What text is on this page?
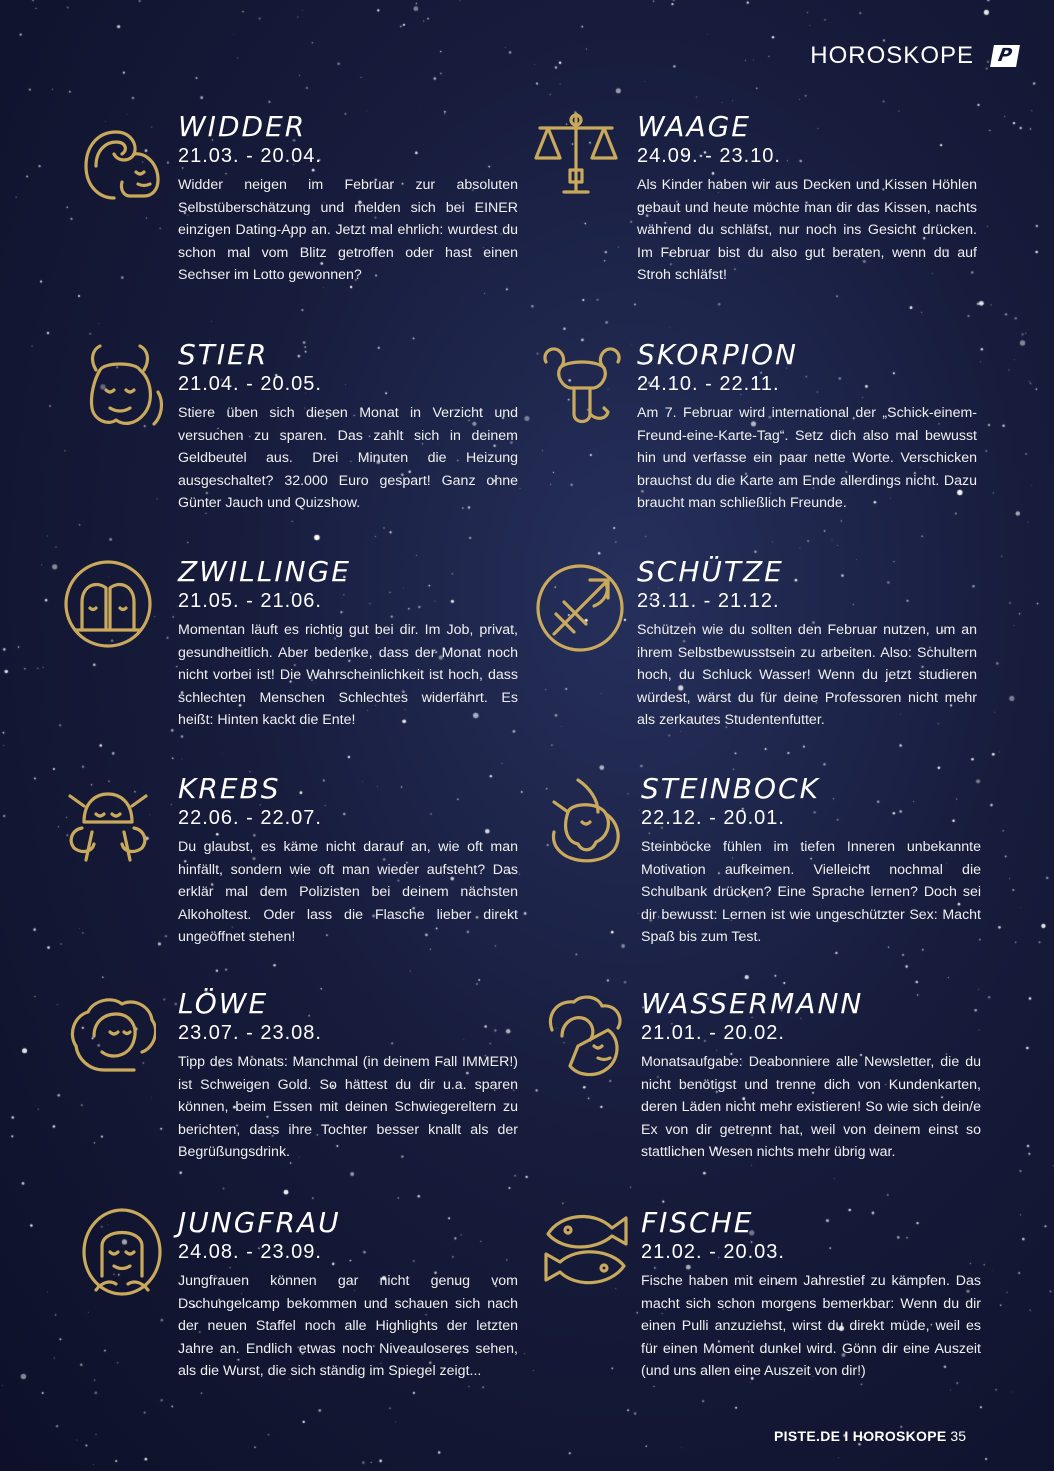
HOROSKOPE	P
WIDDER
21.03. - 20.04.
Widder neigen im Februar zur absoluten Selbstüberschätzung und melden sich bei EINER einzigen Dating-App an. Jetzt mal ehrlich: wurdest du schon mal vom Blitz getroffen oder hast einen Sechser im Lotto gewonnen?
STIER
21.04. - 20.05.
Stiere üben sich diesen Monat in Verzicht und versuchen zu sparen. Das zahlt sich in deinem Geldbeutel aus. Drei Minuten die Heizung ausgeschaltet? 32.000 Euro gespart! Ganz ohne Günter Jauch und Quizshow.
ZWILLINGE
21.05. - 21.06.
Momentan läuft es richtig gut bei dir. Im Job, privat, gesundheitlich. Aber bedenke, dass der Monat noch nicht vorbei ist! Die Wahrscheinlichkeit ist hoch, dass schlechten Menschen Schlechtes widerfährt. Es heißt: Hinten kackt die Ente!
KREBS
22.06. - 22.07.
Du glaubst, es käme nicht darauf an, wie oft man hinfällt, sondern wie oft man wieder aufsteht? Das erklär mal dem Polizisten bei deinem nächsten Alkoholtest. Oder lass die Flasche lieber direkt ungeöffnet stehen!
LÖWE
23.07. - 23.08.
Tipp des Monats: Manchmal (in deinem Fall IMMER!) ist Schweigen Gold. So hättest du dir u.a. sparen können, beim Essen mit deinen Schwiegereltern zu berichten, dass ihre Tochter besser knallt als der Begrüßungsdrink.
JUNGFRAU
24.08. - 23.09.
Jungfrauen können gar nicht genug vom Dschungelcamp bekommen und schauen sich nach der neuen Staffel noch alle Highlights der letzten Jahre an. Endlich etwas noch Niveauloseres sehen, als die Wurst, die sich ständig im Spiegel zeigt...
WAAGE
24.09. - 23.10.
Als Kinder haben wir aus Decken und Kissen Höhlen gebaut und heute möchte man dir das Kissen, nachts während du schläfst, nur noch ins Gesicht drücken. Im Februar bist du also gut beraten, wenn du auf Stroh schläfst!
SKORPION
24.10. - 22.11.
Am 7. Februar wird international der „Schick-einem-Freund-eine-Karte-Tag“. Setz dich also mal bewusst hin und verfasse ein paar nette Worte. Verschicken brauchst du die Karte am Ende allerdings nicht. Dazu braucht man schließlich Freunde.
SCHÜTZE
23.11. - 21.12.
Schützen wie du sollten den Februar nutzen, um an ihrem Selbstbewusstsein zu arbeiten. Also: Schultern hoch, du Schluck Wasser! Wenn du jetzt studieren würdest, wärst du für deine Professoren nicht mehr als zerkautes Studentenfutter.
STEINBOCK
22.12. - 20.01.
Steinböcke fühlen im tiefen Inneren unbekannte Motivation aufkeimen. Vielleicht nochmal die Schulbank drücken? Eine Sprache lernen? Doch sei dir bewusst: Lernen ist wie ungeschützter Sex: Macht Spaß bis zum Test.
WASSERMANN
21.01. - 20.02.
Monatsaufgabe: Deabonniere alle Newsletter, die du nicht benötigst und trenne dich von Kundenkarten, deren Läden nicht mehr existieren! So wie sich dein/e Ex von dir getrennt hat, weil von deinem einst so stattlichen Wesen nichts mehr übrig war.
FISCHE
21.02. - 20.03.
Fische haben mit einem Jahrestief zu kämpfen. Das macht sich schon morgens bemerkbar: Wenn du dir einen Pulli anzuziehst, wirst du direkt müde, weil es für einen Moment dunkel wird. Gönn dir eine Auszeit (und uns allen eine Auszeit von dir!)
PISTE.DE I HOROSKOPE 35
